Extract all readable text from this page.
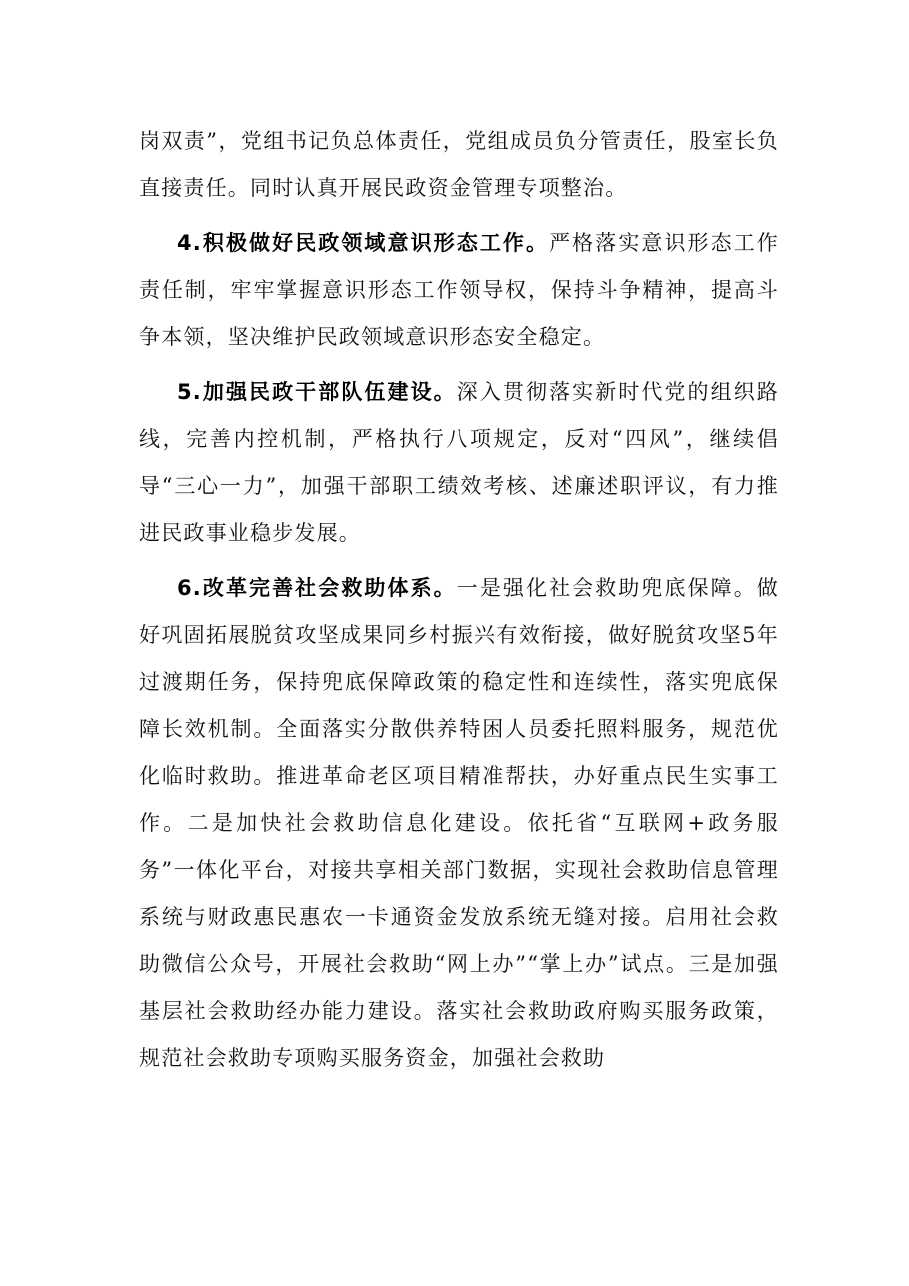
岗双责”，党组书记负总体责任，党组成员负分管责任，股室长负直接责任。同时认真开展民政资金管理专项整治。

4.积极做好民政领域意识形态工作。严格落实意识形态工作责任制，牢牢掌握意识形态工作领导权，保持斗争精神，提高斗争本领，坚决维护民政领域意识形态安全稳定。

5.加强民政干部队伍建设。深入贯彻落实新时代党的组织路线，完善内控机制，严格执行八项规定，反对“四风”，继续倡导“三心一力”，加强干部职工绩效考核、述廉述职评议，有力推进民政事业稳步发展。

6.改革完善社会救助体系。一是强化社会救助兜底保障。做好巩固拓展脱贫攻坚成果同乡村振兴有效衔接，做好脱贫攻坚5年过渡期任务，保持兜底保障政策的稳定性和连续性，落实兜底保障长效机制。全面落实分散供养特困人员委托照料服务，规范优化临时救助。推进革命老区项目精准帮扶，办好重点民生实事工作。二是加快社会救助信息化建设。依托省“互联网+政务服务”一体化平台，对接共享相关部门数据，实现社会救助信息管理系统与财政惠民惠农一卡通资金发放系统无缝对接。启用社会救助微信公众号，开展社会救助“网上办”“掌上办”试点。三是加强基层社会救助经办能力建设。落实社会救助政府购买服务政策，规范社会救助专项购买服务资金，加强社会救助
